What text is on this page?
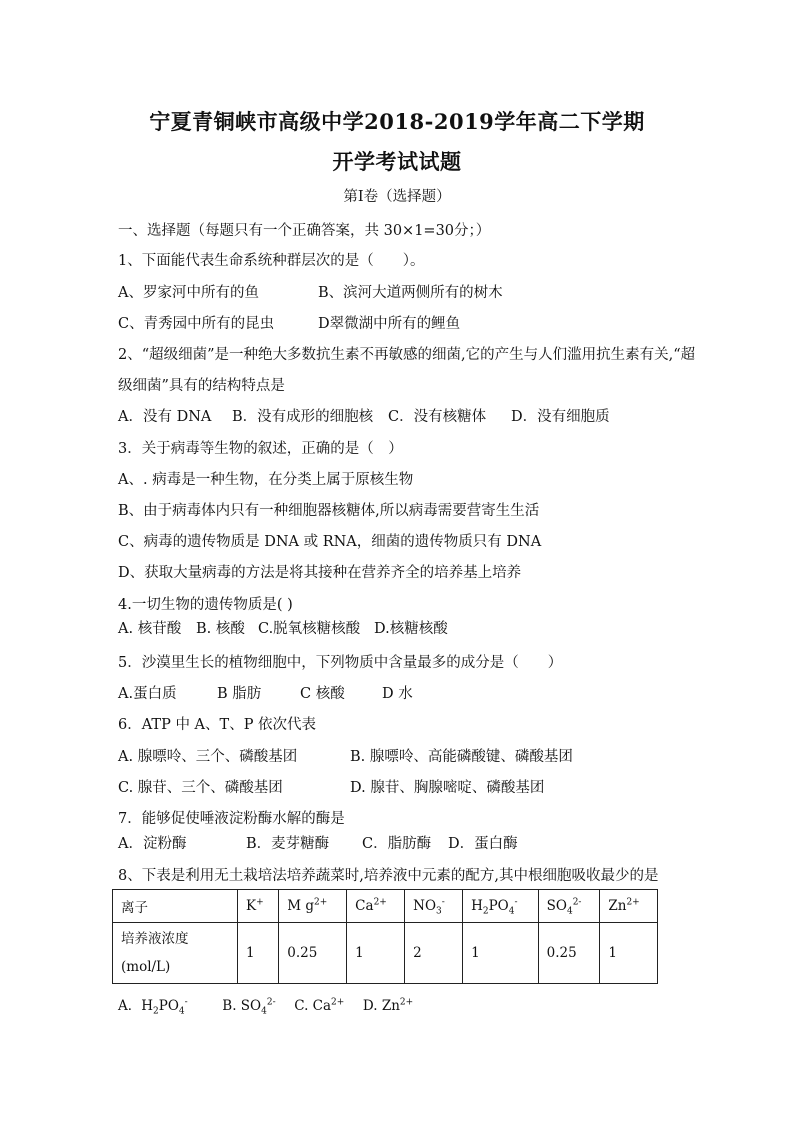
宁夏青铜峡市高级中学2018-2019学年高二下学期
开学考试试题
第Ⅰ卷（选择题）
一、选择题（每题只有一个正确答案，共 30×1=30分；）
1、下面能代表生命系统种群层次的是（　　）。
A、罗家河中所有的鱼	B、滨河大道两侧所有的树木
C、青秀园中所有的昆虫	D翠微湖中所有的鲤鱼
2、“超级细菌”是一种绝大多数抗生素不再敏感的细菌,它的产生与人们滥用抗生素有关,“超
级细菌”具有的结构特点是
A．没有 DNA B．没有成形的细胞核 C．没有核糖体 D．没有细胞质
3．关于病毒等生物的叙述，正确的是（　）
A、. 病毒是一种生物，在分类上属于原核生物
B、由于病毒体内只有一种细胞器核糖体,所以病毒需要营寄生生活
C、病毒的遗传物质是 DNA 或 RNA，细菌的遗传物质只有 DNA
D、获取大量病毒的方法是将其接种在营养齐全的培养基上培养
4.一切生物的遗传物质是( )
A. 核苷酸 B. 核酸 C.脱氧核糖核酸 D.核糖核酸
5．沙漠里生长的植物细胞中，下列物质中含量最多的成分是（　　）
A.蛋白质	B 脂肪	C 核酸	D 水
6．ATP 中 A、T、P 依次代表
A. 腺嘌呤、三个、磷酸基团	B. 腺嘌呤、高能磷酸键、磷酸基团
C. 腺苷、三个、磷酸基团	D. 腺苷、胸腺嘧啶、磷酸基团
7．能够促使唾液淀粉酶水解的酶是
A．淀粉酶	B．麦芽糖酶 C．脂肪酶 D．蛋白酶
8、下表是利用无土栽培法培养蔬菜时,培养液中元素的配方,其中根细胞吸收最少的是
离子	K+	M $g^{2+}$	$Ca^{2+}$	$NO_3^-$	$H_2PO_4^-$	$SO_4^{2-}$	$Zn^{2+}$

培养液浓度
(mol/L)	1	0.25	1	2	1	0.25	1
A．$H_2PO_4^-$	B. $SO_4^{2-}$ C. $Ca^{2+}$ D. $Zn^{2+}$
